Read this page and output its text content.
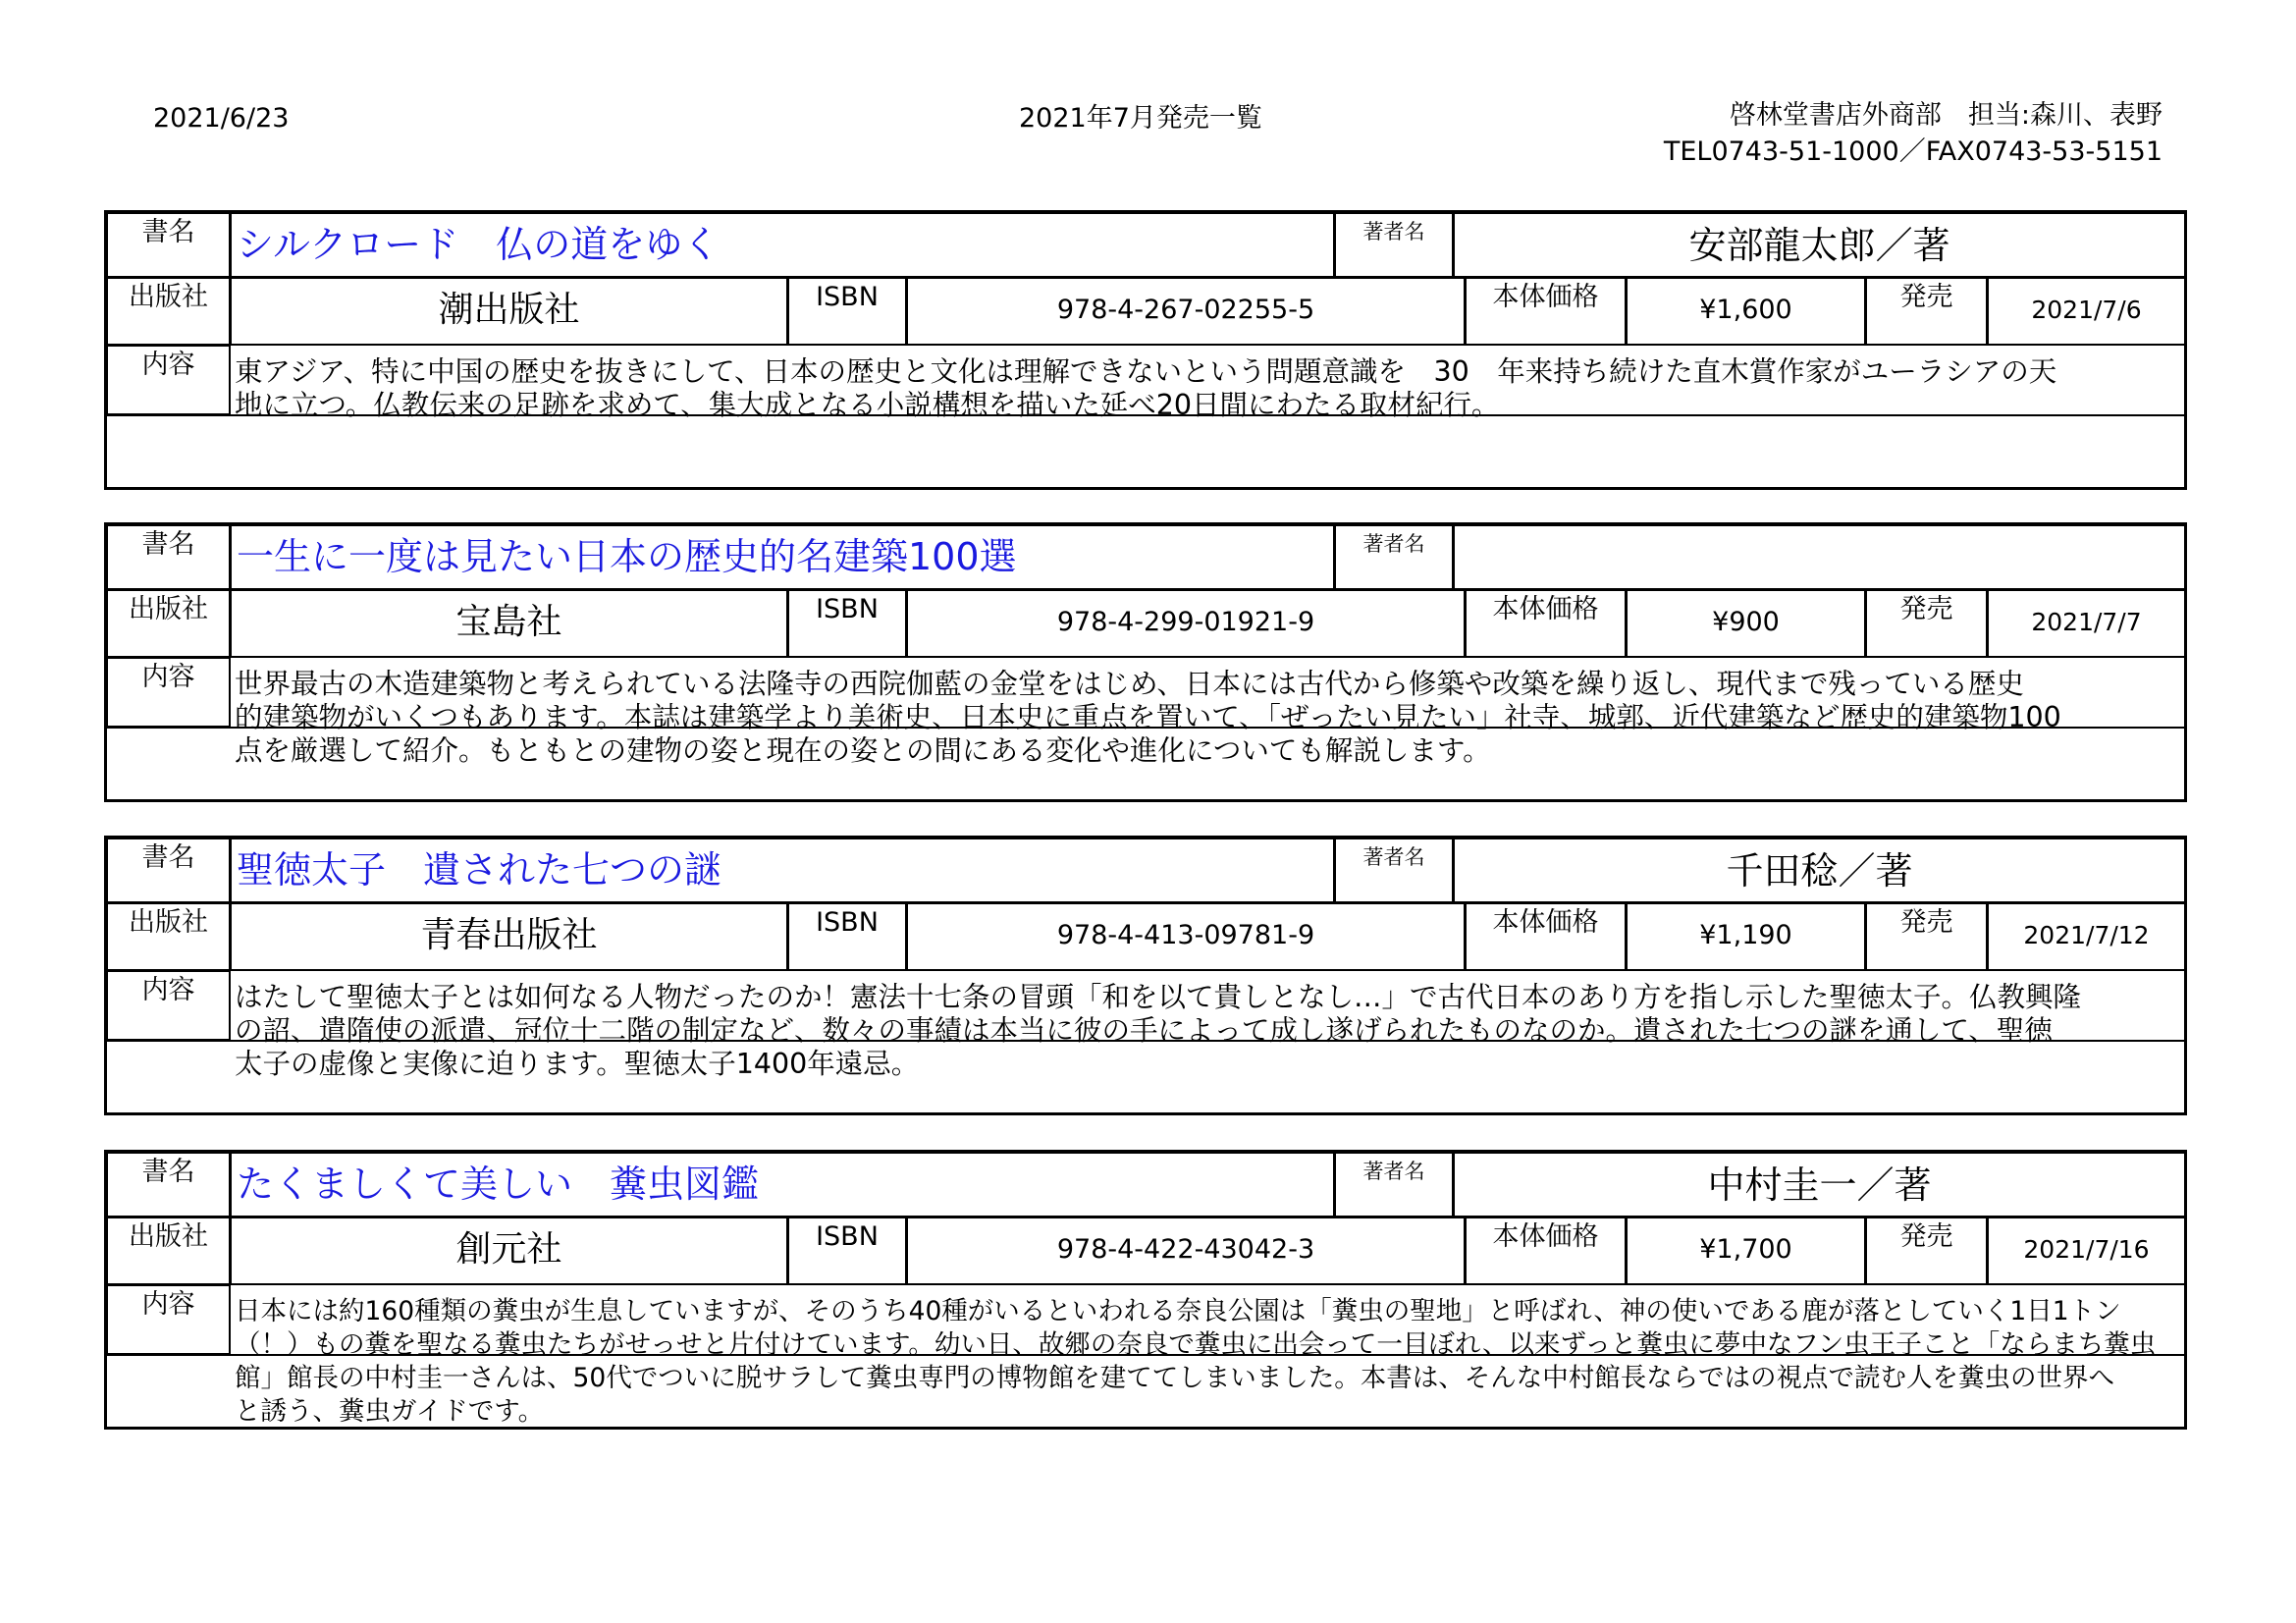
2021/6/23	2021年7月発売一覧	啓林堂書店外商部　担当:森川、表野
TEL0743-51-1000／FAX0743-53-5151
書名	シルクロード　仏の道をゆく	著者名	安部龍太郎／著
出版社	潮出版社	ISBN	978-4-267-02255-5	本体価格	¥1,600	発売	2021/7/6
内容	東アジア、特に中国の歴史を抜きにして、日本の歴史と文化は理解できないという問題意識を　30　年来持ち続けた直木賞作家がユーラシアの天
地に立つ。仏教伝来の足跡を求めて、集大成となる小説構想を描いた延べ20日間にわたる取材紀行。
書名	一生に一度は見たい日本の歴史的名建築100選	著者名
出版社	宝島社	ISBN	978-4-299-01921-9	本体価格	¥900	発売	2021/7/7
内容	世界最古の木造建築物と考えられている法隆寺の西院伽藍の金堂をはじめ、日本には古代から修築や改築を繰り返し、現代まで残っている歴史
的建築物がいくつもあります。本誌は建築学より美術史、日本史に重点を置いて、「ぜったい見たい」社寺、城郭、近代建築など歴史的建築物100
点を厳選して紹介。もともとの建物の姿と現在の姿との間にある変化や進化についても解説します。
書名	聖徳太子　遺された七つの謎	著者名	千田稔／著
出版社	青春出版社	ISBN	978-4-413-09781-9	本体価格	¥1,190	発売	2021/7/12
内容	はたして聖徳太子とは如何なる人物だったのか！憲法十七条の冒頭「和を以て貴しとなし…」で古代日本のあり方を指し示した聖徳太子。仏教興隆
の詔、遣隋使の派遣、冠位十二階の制定など、数々の事績は本当に彼の手によって成し遂げられたものなのか。遺された七つの謎を通して、聖徳
太子の虚像と実像に迫ります。聖徳太子1400年遠忌。
書名	たくましくて美しい　糞虫図鑑	著者名	中村圭一／著
出版社	創元社	ISBN	978-4-422-43042-3	本体価格	¥1,700	発売	2021/7/16
内容	日本には約160種類の糞虫が生息していますが、そのうち40種がいるといわれる奈良公園は「糞虫の聖地」と呼ばれ、神の使いである鹿が落としていく1日1トン
（！）もの糞を聖なる糞虫たちがせっせと片付けています。幼い日、故郷の奈良で糞虫に出会って一目ぼれ、以来ずっと糞虫に夢中なフン虫王子こと「ならまち糞虫
館」館長の中村圭一さんは、50代でついに脱サラして糞虫専門の博物館を建ててしまいました。本書は、そんな中村館長ならではの視点で読む人を糞虫の世界へ
と誘う、糞虫ガイドです。
